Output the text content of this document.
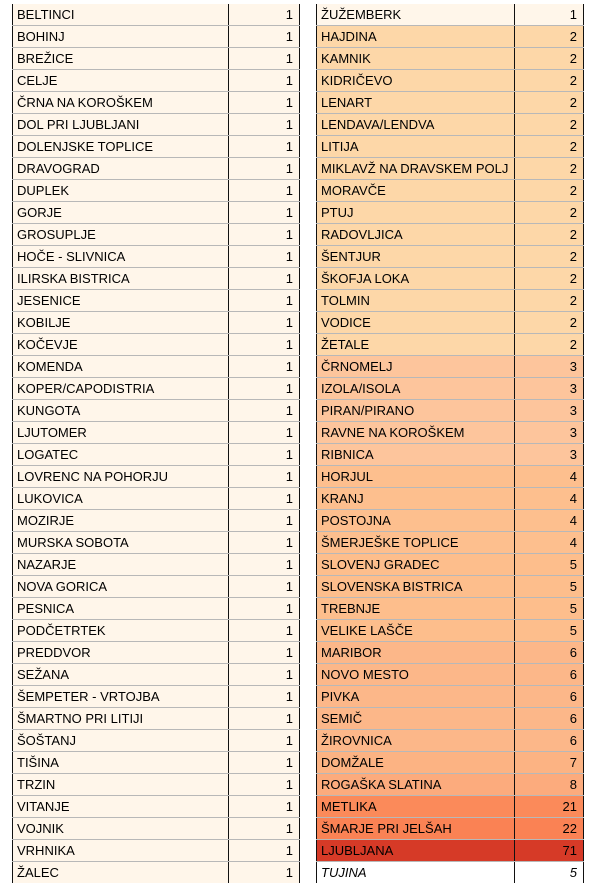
BELTINCI	1
BOHINJ	1
BREŽICE	1
CELJE	1
ČRNA NA KOROŠKEM	1
DOL PRI LJUBLJANI	1
DOLENJSKE TOPLICE	1
DRAVOGRAD	1
DUPLEK	1
GORJE	1
GROSUPLJE	1
HOČE - SLIVNICA	1
ILIRSKA BISTRICA	1
JESENICE	1
KOBILJE	1
KOČEVJE	1
KOMENDA	1
KOPER/CAPODISTRIA	1
KUNGOTA	1
LJUTOMER	1
LOGATEC	1
LOVRENC NA POHORJU	1
LUKOVICA	1
MOZIRJE	1
MURSKA SOBOTA	1
NAZARJE	1
NOVA GORICA	1
PESNICA	1
PODČETRTEK	1
PREDDVOR	1
SEŽANA	1
ŠEMPETER - VRTOJBA	1
ŠMARTNO PRI LITIJI	1
ŠOŠTANJ	1
TIŠINA	1
TRZIN	1
VITANJE	1
VOJNIK	1
VRHNIKA	1
ŽALEC	1
ŽUŽEMBERK	1
HAJDINA	2
KAMNIK	2
KIDRIČEVO	2
LENART	2
LENDAVA/LENDVA	2
LITIJA	2
MIKLAVŽ NA DRAVSKEM POLJ	2
MORAVČE	2
PTUJ	2
RADOVLJICA	2
ŠENTJUR	2
ŠKOFJA LOKA	2
TOLMIN	2
VODICE	2
ŽETALE	2
ČRNOMELJ	3
IZOLA/ISOLA	3
PIRAN/PIRANO	3
RAVNE NA KOROŠKEM	3
RIBNICA	3
HORJUL	4
KRANJ	4
POSTOJNA	4
ŠMERJEŠKE TOPLICE	4
SLOVENJ GRADEC	5
SLOVENSKA BISTRICA	5
TREBNJE	5
VELIKE LAŠČE	5
MARIBOR	6
NOVO MESTO	6
PIVKA	6
SEMIČ	6
ŽIROVNICA	6
DOMŽALE	7
ROGAŠKA SLATINA	8
METLIKA	21
ŠMARJE PRI JELŠAH	22
LJUBLJANA	71
TUJINA	5
